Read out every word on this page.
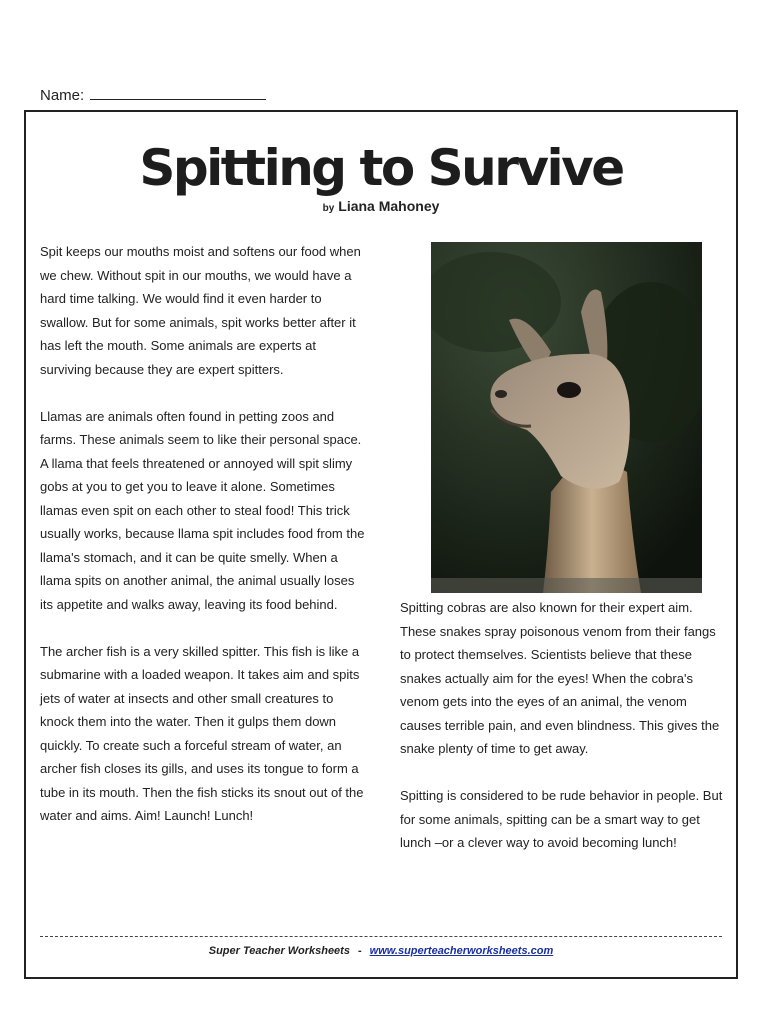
Name:
Spitting to Survive
by Liana Mahoney

Spit keeps our mouths moist and softens our food when we chew. Without spit in our mouths, we would have a hard time talking. We would find it even harder to swallow. But for some animals, spit works better after it has left the mouth. Some animals are experts at surviving because they are expert spitters.

Llamas are animals often found in petting zoos and farms. These animals seem to like their personal space. A llama that feels threatened or annoyed will spit slimy gobs at you to get you to leave it alone. Sometimes llamas even spit on each other to steal food! This trick usually works, because llama spit includes food from the llama's stomach, and it can be quite smelly. When a llama spits on another animal, the animal usually loses its appetite and walks away, leaving its food behind.

The archer fish is a very skilled spitter. This fish is like a submarine with a loaded weapon. It takes aim and spits jets of water at insects and other small creatures to knock them into the water. Then it gulps them down quickly. To create such a forceful stream of water, an archer fish closes its gills, and uses its tongue to form a tube in its mouth. Then the fish sticks its snout out of the water and aims. Aim! Launch! Lunch!

Spitting cobras are also known for their expert aim. These snakes spray poisonous venom from their fangs to protect themselves. Scientists believe that these snakes actually aim for the eyes! When the cobra's venom gets into the eyes of an animal, the venom causes terrible pain, and even blindness. This gives the snake plenty of time to get away.

Spitting is considered to be rude behavior in people. But for some animals, spitting can be a smart way to get lunch –or a clever way to avoid becoming lunch!

Super Teacher Worksheets - www.superteacherworksheets.com
